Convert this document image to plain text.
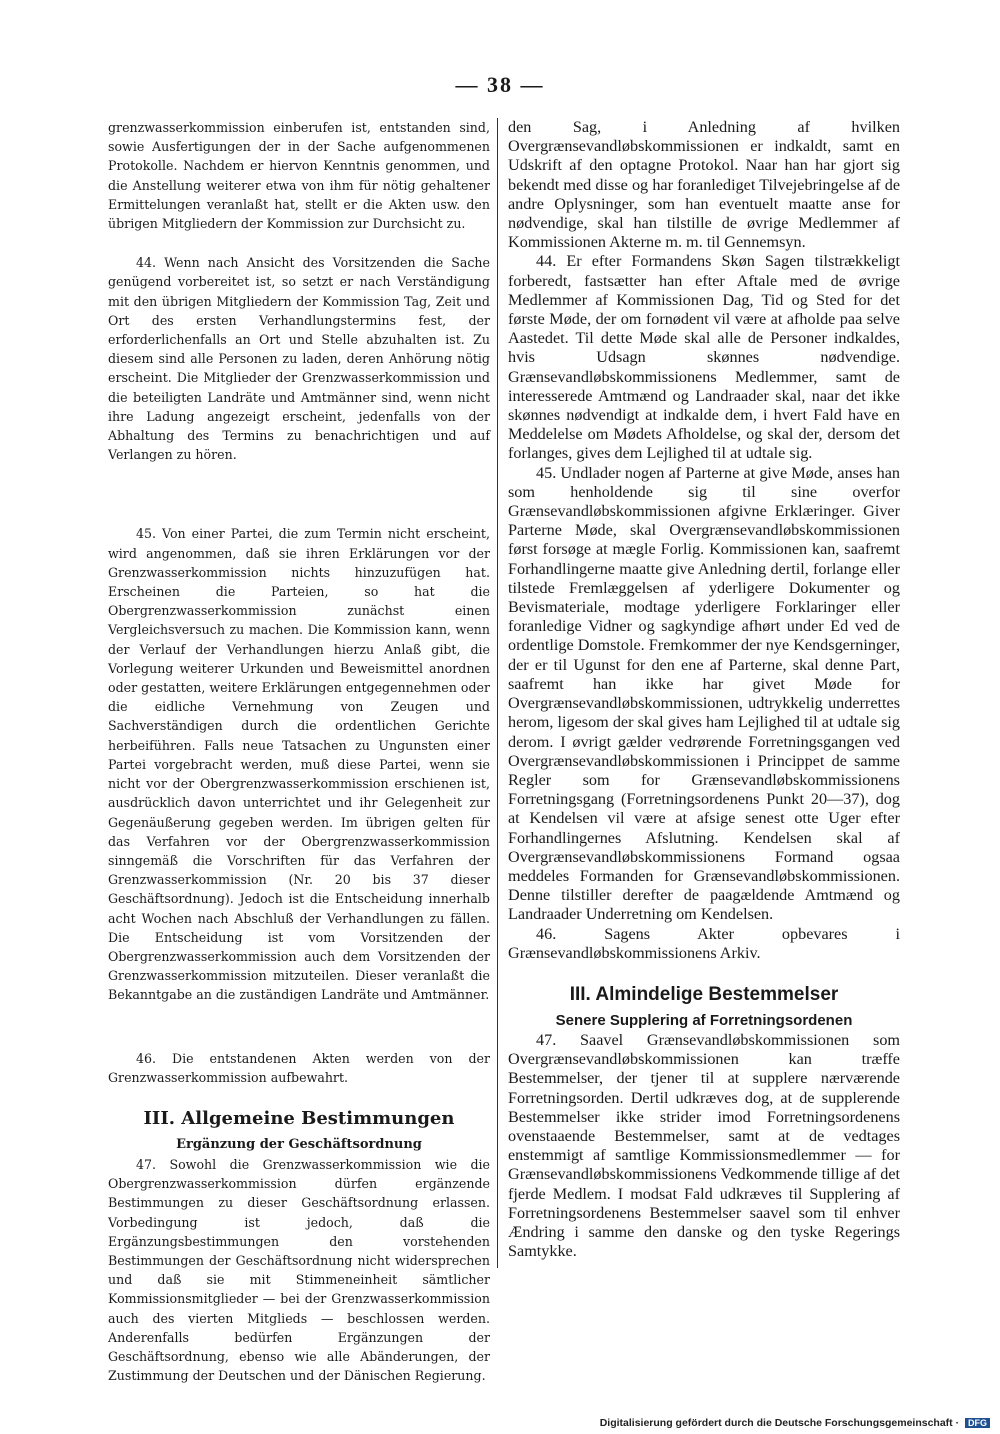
— 38 —

grenzwasserkommission einberufen ist, entstanden sind, sowie Ausfertigungen der in der Sache aufgenommenen Protokolle. Nachdem er hiervon Kenntnis genommen, und die Anstellung weiterer etwa von ihm für nötig gehaltener Ermittelungen veranlaßt hat, stellt er die Akten usw. den übrigen Mitgliedern der Kommission zur Durchsicht zu.

44. Wenn nach Ansicht des Vorsitzenden die Sache genügend vorbereitet ist, so setzt er nach Verständigung mit den übrigen Mitgliedern der Kommission Tag, Zeit und Ort des ersten Verhandlungstermins fest, der erforderlichenfalls an Ort und Stelle abzuhalten ist. Zu diesem sind alle Personen zu laden, deren Anhörung nötig erscheint. Die Mitglieder der Grenzwasserkommission und die beteiligten Landräte und Amtmänner sind, wenn nicht ihre Ladung angezeigt erscheint, jedenfalls von der Abhaltung des Termins zu benachrichtigen und auf Verlangen zu hören.

45. Von einer Partei, die zum Termin nicht erscheint, wird angenommen, daß sie ihren Erklärungen vor der Grenzwasserkommission nichts hinzuzufügen hat. Erscheinen die Parteien, so hat die Obergrenzwasserkommission zunächst einen Vergleichsversuch zu machen. Die Kommission kann, wenn der Verlauf der Verhandlungen hierzu Anlaß gibt, die Vorlegung weiterer Urkunden und Beweismittel anordnen oder gestatten, weitere Erklärungen entgegennehmen oder die eidliche Vernehmung von Zeugen und Sachverständigen durch die ordentlichen Gerichte herbeiführen. Falls neue Tatsachen zu Ungunsten einer Partei vorgebracht werden, muß diese Partei, wenn sie nicht vor der Obergrenzwasserkommission erschienen ist, ausdrücklich davon unterrichtet und ihr Gelegenheit zur Gegenäußerung gegeben werden. Im übrigen gelten für das Verfahren vor der Obergrenzwasserkommission sinngemäß die Vorschriften für das Verfahren der Grenzwasserkommission (Nr. 20 bis 37 dieser Geschäftsordnung). Jedoch ist die Entscheidung innerhalb acht Wochen nach Abschluß der Verhandlungen zu fällen. Die Entscheidung ist vom Vorsitzenden der Obergrenzwasserkommission auch dem Vorsitzenden der Grenzwasserkommission mitzuteilen. Dieser veranlaßt die Bekanntgabe an die zuständigen Landräte und Amtmänner.

46. Die entstandenen Akten werden von der Grenzwasserkommission aufbewahrt.

III. Allgemeine Bestimmungen
Ergänzung der Geschäftsordnung

47. Sowohl die Grenzwasserkommission wie die Obergrenzwasserkommission dürfen ergänzende Bestimmungen zu dieser Geschäftsordnung erlassen. Vorbedingung ist jedoch, daß die Ergänzungsbestimmungen den vorstehenden Bestimmungen der Geschäftsordnung nicht widersprechen und daß sie mit Stimmeneinheit sämtlicher Kommissionsmitglieder — bei der Grenzwasserkommission auch des vierten Mitglieds — beschlossen werden. Anderenfalls bedürfen Ergänzungen der Geschäftsordnung, ebenso wie alle Abänderungen, der Zustimmung der Deutschen und der Dänischen Regierung.

den Sag, i Anledning af hvilken Overgrænsevandløbskommissionen er indkaldt, samt en Udskrift af den optagne Protokol. Naar han har gjort sig bekendt med disse og har foranlediget Tilvejebringelse af de andre Oplysninger, som han eventuelt maatte anse for nødvendige, skal han tilstille de øvrige Medlemmer af Kommissionen Akterne m. m. til Gennemsyn.

44. Er efter Formandens Skøn Sagen tilstrækkeligt forberedt, fastsætter han efter Aftale med de øvrige Medlemmer af Kommissionen Dag, Tid og Sted for det første Møde, der om fornødent vil være at afholde paa selve Aastedet. Til dette Møde skal alle de Personer indkaldes, hvis Udsagn skønnes nødvendige. Grænsevandløbskommissionens Medlemmer, samt de interesserede Amtmænd og Landraader skal, naar det ikke skønnes nødvendigt at indkalde dem, i hvert Fald have en Meddelelse om Mødets Afholdelse, og skal der, dersom det forlanges, gives dem Lejlighed til at udtale sig.

45. Undlader nogen af Parterne at give Møde, anses han som henholdende sig til sine overfor Grænsevandløbskommissionen afgivne Erklæringer. Giver Parterne Møde, skal Overgrænsevandløbskommissionen først forsøge at mægle Forlig. Kommissionen kan, saafremt Forhandlingerne maatte give Anledning dertil, forlange eller tilstede Fremlæggelsen af yderligere Dokumenter og Bevismateriale, modtage yderligere Forklaringer eller foranledige Vidner og sagkyndige afhørt under Ed ved de ordentlige Domstole. Fremkommer der nye Kendsgerninger, der er til Ugunst for den ene af Parterne, skal denne Part, saafremt han ikke har givet Møde for Overgrænsevandløbskommissionen, udtrykkelig underrettes herom, ligesom der skal gives ham Lejlighed til at udtale sig derom. I øvrigt gælder vedrørende Forretningsgangen ved Overgrænsevandløbskommissionen i Princippet de samme Regler som for Grænsevandløbskommissionens Forretningsgang (Forretningsordenens Punkt 20—37), dog at Kendelsen vil være at afsige senest otte Uger efter Forhandlingernes Afslutning. Kendelsen skal af Overgrænsevandløbskommissionens Formand ogsaa meddeles Formanden for Grænsevandløbskommissionen. Denne tilstiller derefter de paagældende Amtmænd og Landraader Underretning om Kendelsen.

46. Sagens Akter opbevares i Grænsevandløbskommissionens Arkiv.

III. Almindelige Bestemmelser
Senere Supplering af Forretningsordenen

47. Saavel Grænsevandløbskommissionen som Overgrænsevandløbskommissionen kan træffe Bestemmelser, der tjener til at supplere nærværende Forretningsorden. Dertil udkræves dog, at de supplerende Bestemmelser ikke strider imod Forretningsordenens ovenstaaende Bestemmelser, samt at de vedtages enstemmigt af samtlige Kommissionsmedlemmer — for Grænsevandløbskommissionens Vedkommende tillige af det fjerde Medlem. I modsat Fald udkræves til Supplering af Forretningsordenens Bestemmelser saavel som til enhver Ændring i samme den danske og den tyske Regerings Samtykke.

Digitalisierung gefördert durch die Deutsche Forschungsgemeinschaft · DFG
